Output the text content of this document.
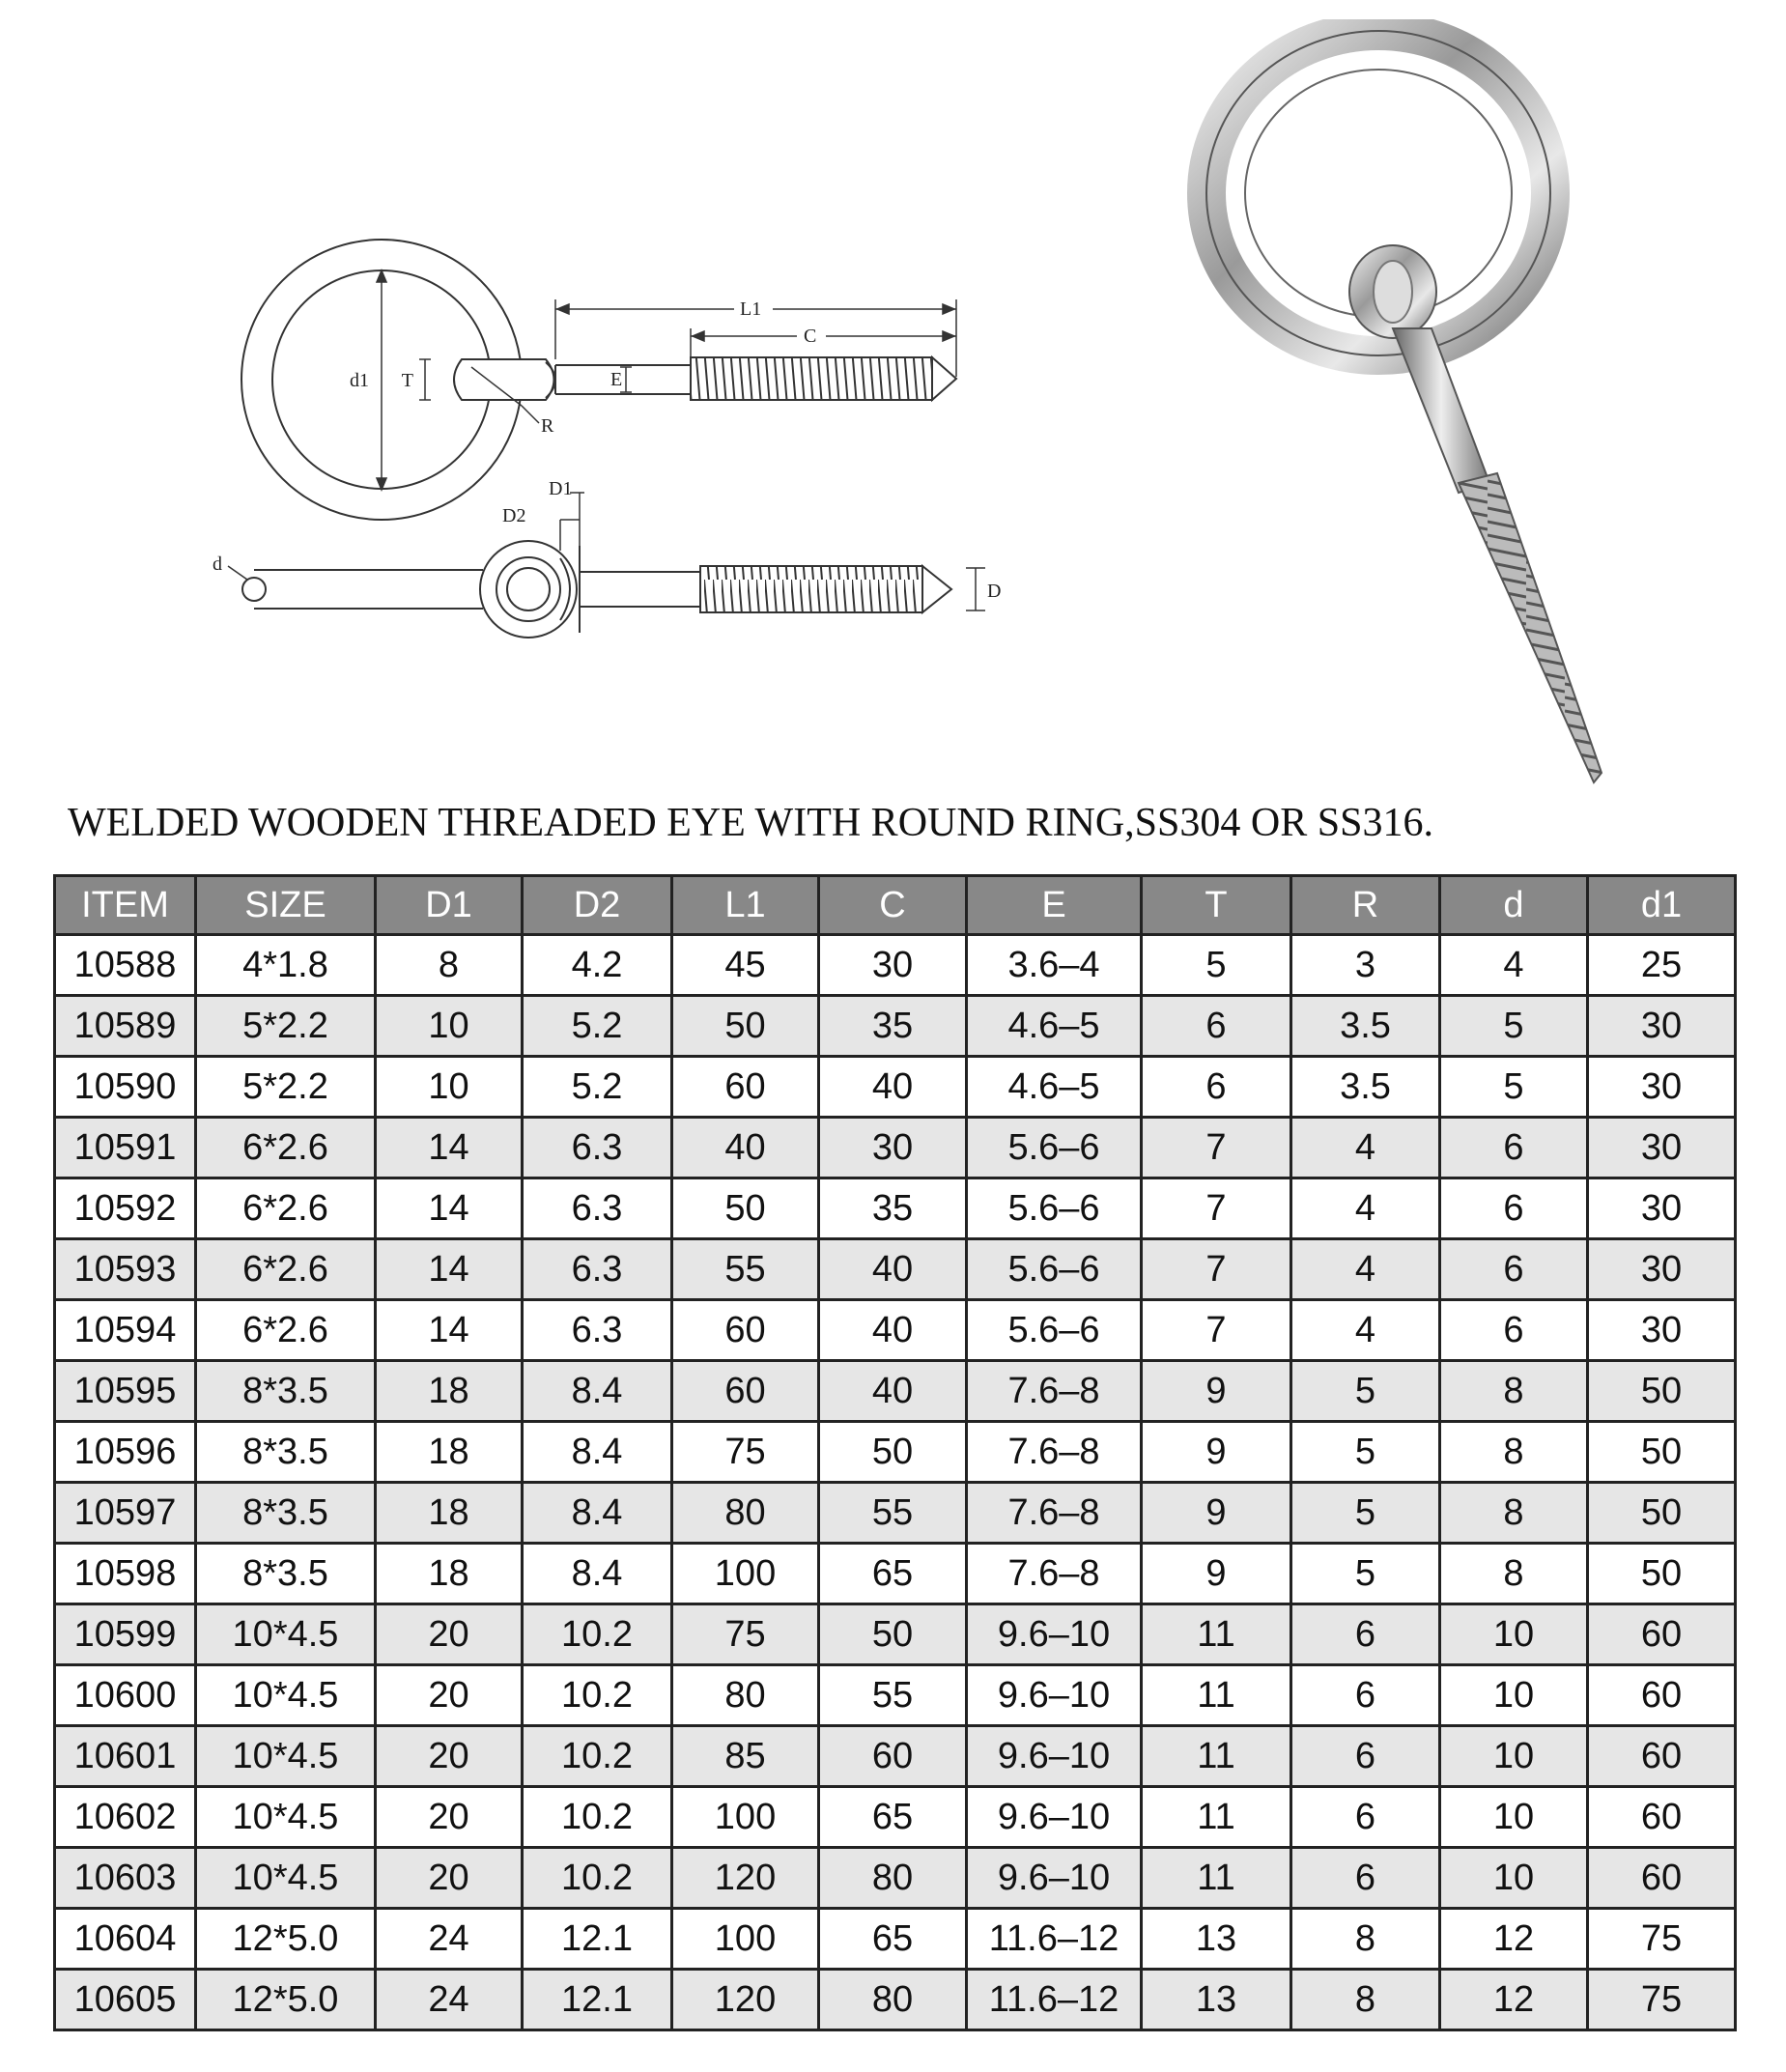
d1 T
R
E
L1
C
d
D
D1
D2
WELDED WOODEN THREADED EYE WITH ROUND RING,SS304 OR SS316.
ITEM	SIZE	D1	D2	L1	C	E	T	R	d	d1
10588	4*1.8	8	4.2	45	30	3.6–4	5	3	4	25
10589	5*2.2	10	5.2	50	35	4.6–5	6	3.5	5	30
10590	5*2.2	10	5.2	60	40	4.6–5	6	3.5	5	30
10591	6*2.6	14	6.3	40	30	5.6–6	7	4	6	30
10592	6*2.6	14	6.3	50	35	5.6–6	7	4	6	30
10593	6*2.6	14	6.3	55	40	5.6–6	7	4	6	30
10594	6*2.6	14	6.3	60	40	5.6–6	7	4	6	30
10595	8*3.5	18	8.4	60	40	7.6–8	9	5	8	50
10596	8*3.5	18	8.4	75	50	7.6–8	9	5	8	50
10597	8*3.5	18	8.4	80	55	7.6–8	9	5	8	50
10598	8*3.5	18	8.4	100	65	7.6–8	9	5	8	50
10599	10*4.5	20	10.2	75	50	9.6–10	11	6	10	60
10600	10*4.5	20	10.2	80	55	9.6–10	11	6	10	60
10601	10*4.5	20	10.2	85	60	9.6–10	11	6	10	60
10602	10*4.5	20	10.2	100	65	9.6–10	11	6	10	60
10603	10*4.5	20	10.2	120	80	9.6–10	11	6	10	60
10604	12*5.0	24	12.1	100	65	11.6–12	13	8	12	75
10605	12*5.0	24	12.1	120	80	11.6–12	13	8	12	75
